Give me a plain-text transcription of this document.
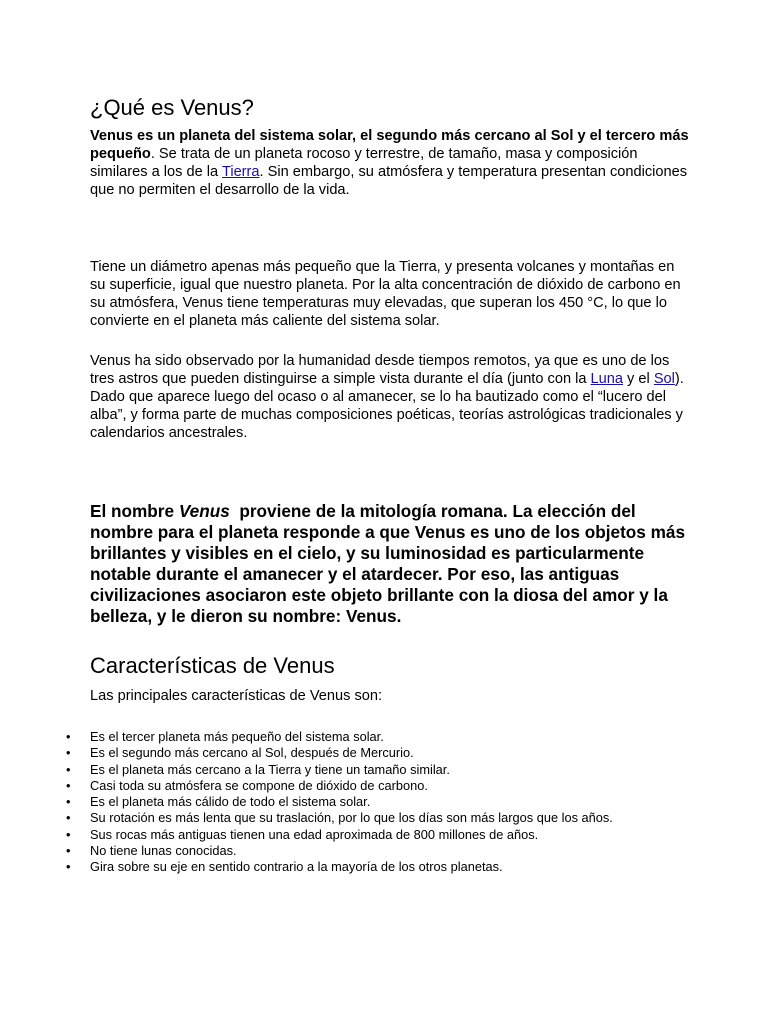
¿Qué es Venus?

Venus es un planeta del sistema solar, el segundo más cercano al Sol y el tercero más pequeño. Se trata de un planeta rocoso y terrestre, de tamaño, masa y composición similares a los de la Tierra. Sin embargo, su atmósfera y temperatura presentan condiciones que no permiten el desarrollo de la vida.

Tiene un diámetro apenas más pequeño que la Tierra, y presenta volcanes y montañas en su superficie, igual que nuestro planeta. Por la alta concentración de dióxido de carbono en su atmósfera, Venus tiene temperaturas muy elevadas, que superan los 450 °C, lo que lo convierte en el planeta más caliente del sistema solar.

Venus ha sido observado por la humanidad desde tiempos remotos, ya que es uno de los tres astros que pueden distinguirse a simple vista durante el día (junto con la Luna y el Sol). Dado que aparece luego del ocaso o al amanecer, se lo ha bautizado como el “lucero del alba”, y forma parte de muchas composiciones poéticas, teorías astrológicas tradicionales y calendarios ancestrales.

El nombre Venus  proviene de la mitología romana. La elección del nombre para el planeta responde a que Venus es uno de los objetos más brillantes y visibles en el cielo, y su luminosidad es particularmente notable durante el amanecer y el atardecer. Por eso, las antiguas civilizaciones asociaron este objeto brillante con la diosa del amor y la belleza, y le dieron su nombre: Venus.

Características de Venus

Las principales características de Venus son:

• Es el tercer planeta más pequeño del sistema solar.
• Es el segundo más cercano al Sol, después de Mercurio.
• Es el planeta más cercano a la Tierra y tiene un tamaño similar.
• Casi toda su atmósfera se compone de dióxido de carbono.
• Es el planeta más cálido de todo el sistema solar.
• Su rotación es más lenta que su traslación, por lo que los días son más largos que los años.
• Sus rocas más antiguas tienen una edad aproximada de 800 millones de años.
• No tiene lunas conocidas.
• Gira sobre su eje en sentido contrario a la mayoría de los otros planetas.
